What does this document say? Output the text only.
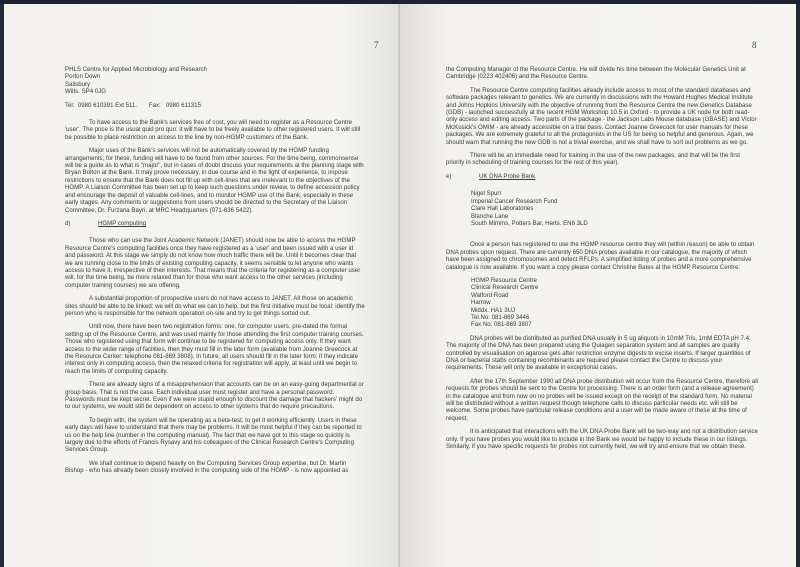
7
PHLS Centre for Applied Microbiology and Research
Porton Down
Salisbury
Wilts. SP4 0JG
Tel:  0980 610391 Ext 511.       Fax:   0980 611315

To have access to the Bank's services free of cost, you will need to register as a Resource Centre 'user'. The price is the usual quid pro quo: it will have to be freely available to other registered users. It will still be possible to place restriction on access to the line by non-HGMP customers of the Bank.

Major uses of the Bank's services will not be automatically covered by the HGMP funding arrangements; for these, funding will have to be found from other sources. For the time being, commonsense will be a guide as to what is "major", but in cases of doubt discuss your requirements at the planning stage with Bryan Bolton at the Bank. It may prove necessary, in due course and in the light of experience, to impose restrictions to ensure that the Bank does not fill up with cell-lines that are irrelevant to the objectives of the HGMP. A Liaison Committee has been set up to keep such questions under review, to define accession policy and encourage the deposit of valuable cell-lines, and to monitor HGMP use of the Bank, especially in these early stages. Any comments or suggestions from users should be directed to the Secretary of the Liaison Committee, Dr. Furzana Bayri, at MRC Headquarters (071-636 5422).

d)	HGMP computing

Those who can use the Joint Academic Network (JANET) should now be able to access the HGMP Resource Centre's computing facilities once they have registered as a 'user' and been issued with a user id and password. At this stage we simply do not know how much traffic there will be. Until it becomes clear that we are running close to the limits of existing computing capacity, it seems sensible to let anyone who wants access to have it, irrespective of their interests. That means that the criteria for registering as a computer user will, for the time being, be more relaxed than for those who want access to the other services (including computer training courses) we are offering.

A substantial proportion of prospective users do not have access to JANET. All those on academic sites should be able to be linked; we will do what we can to help, but the first initiative must be local: identify the person who is responsible for the network operation on-site and try to get things sorted out.

Until now, there have been two registration forms: one, for computer users, pre-dated the formal setting up of the Resource Centre, and was used mainly for those attending the first computer training courses. Those who registered using that form will continue to be registered for computing access only. If they want access to the wider range of facilities, then they must fill in the later form (available from Joanne Greecock at the Resource Center: telephone 081-869 3808). In future, all users should fill in the later form; if they indicate interest only in computing access, then the relaxed criteria for registration will apply, at least until we begin to reach the limits of computing capacity.

There are already signs of a misapprehension that accounts can be on an easy-going departmental or group basis. That is not the case. Each individual user must register and have a personal password. Passwords must be kept secret. Even if we were stupid enough to discount the damage that hackers' might do to our systems, we would still be dependent on access to other systems that do require precautions.

To begin with, the system will be operating as a beta-test, to get it working efficiently. Users in these early days will have to understand that there may be problems. It will be most helpful if they can be reported to us on the help line (number in the computing manual). The fact that we have got to this stage so quickly is largely due to the efforts of Francis Rysavy and his colleagues of the Clinical Research Centre's Computing Services Group.

We shall continue to depend heavily on the Computing Services Group expertise, but Dr. Martin Bishop - who has already been closely involved in the computing side of the HGMP - is now appointed as

8

the Computing Manager of the Resource Centre. He will divide his time between the Molecular Genetics Unit at Cambridge (0223 402406) and the Resource Centre.

The Resource Centre computing facilities already include access to most of the standard databases and software packages relevant to genetics. We are currently in discussions with the Howard Hughes Medical Institute and Johns Hopkins University with the objective of running from the Resource Centre the new Genetics Database (GDB) - launched successfully at the recent HGM Workshop 10.5 in Oxford - to provide a UK node for both read-only access and editing access. Two parts of the package - the Jackson Labs Mouse database (GBASE) and Victor McKusick's OMIM - are already accessible on a trial basis. Contact Joanne Greecock for user manuals for these packages. We are extremely grateful to all the protagonists in the US for being so helpful and generous. Again, we should warn that running the new GDB is not a trivial exercise, and we shall have to sort out problems as we go.

There will be an immediate need for training in the use of the new packages, and that will be the first priority in scheduling of training courses for the rest of this year).

e)	UK DNA Probe Bank
Nigel Spurr
Imperial Cancer Research Fund
Clare Hall Laboratories
Blanche Lane
South Mimms, Potters Bar, Herts. EN6 3LD

Once a person has registered to use the HGMP resource centre they will (within reason) be able to obtain DNA probes upon request. There are currently 650 DNA probes available in our catalogue, the majority of which have been assigned to chromosomes and detect RFLPs. A simplified listing of probes and a more comprehensive catalogue is now available. If you want a copy please contact Christine Bates at the HGMP Resource Centre:

HGMP Resource Centre
Clinical Research Centre
Watford Road
Harrow
Middx. HA1 3UJ
Tel.No: 081-869 3446
Fax No: 081-869 3807

DNA probes will be distributed as purified DNA usually in 5 ug aliquots in 10mM Tris, 1mM EDTA pH 7.4. The majority of the DNA has been prepared using the Quiagen separation system and all samples are quality controlled by visualisation on agarose gels after restriction enzyme digests to excise inserts. If larger quantities of DNA or bacterial stabs containing recombinants are required please contact the Centre to discuss your requirements. These will only be available in exceptional cases.

After the 17th September 1990 all DNA probe distribution will occur from the Resource Centre, therefore all requests for probes should be sent to the Centre for processing. There is an order form (and a release agreement) in the catalogue and from now on no probes will be issued except on the receipt of the standard form. No material will be distributed without a written request though telephone calls to discuss particular needs etc. will still be welcome. Some probes have particular release conditions and a user will be made aware of these at the time of request.

It is anticipated that interactions with the UK DNA Probe Bank will be two-way and not a distribution service only. If you have probes you would like to include in the Bank we would be happy to include these in our listings. Similarly, if you have specific requests for probes not currently held, we will try and ensure that we obtain these.
